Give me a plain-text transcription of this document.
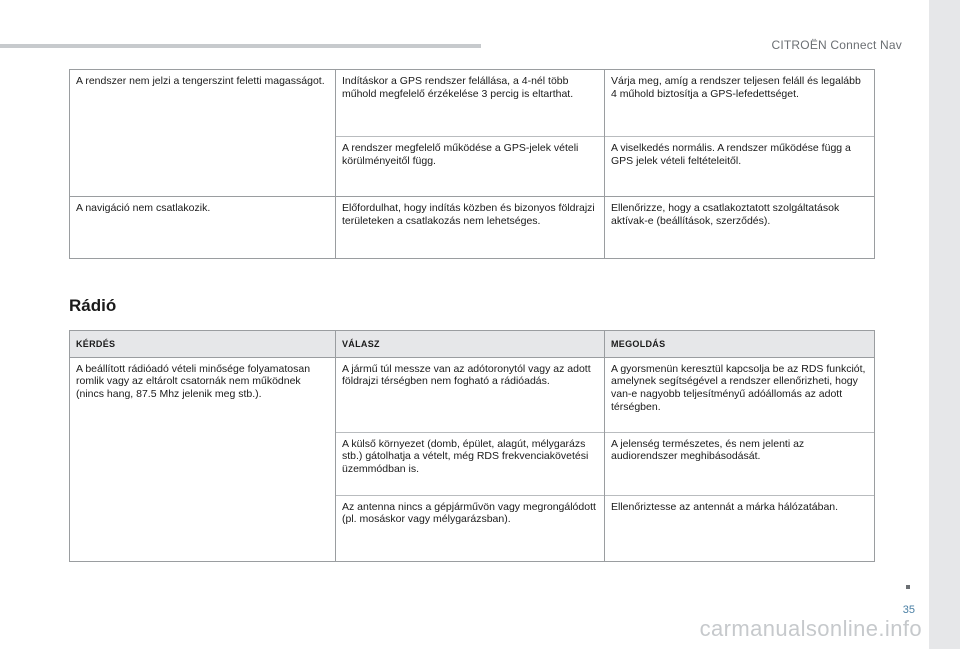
CITROËN Connect Nav
A rendszer nem jelzi a tengerszint feletti magasságot.	Indításkor a GPS rendszer felállása, a 4-nél több műhold megfelelő érzékelése 3 percig is eltarthat.	Várja meg, amíg a rendszer teljesen feláll és legalább 4 műhold biztosítja a GPS-lefedettséget.
	A rendszer megfelelő működése a GPS-jelek vételi körülményeitől függ.	A viselkedés normális. A rendszer működése függ a GPS jelek vételi feltételeitől.
A navigáció nem csatlakozik.	Előfordulhat, hogy indítás közben és bizonyos földrajzi területeken a csatlakozás nem lehetséges.	Ellenőrizze, hogy a csatlakoztatott szolgáltatások aktívak-e (beállítások, szerződés).
Rádió
KÉRDÉS	VÁLASZ	MEGOLDÁS
A beállított rádióadó vételi minősége folyamatosan romlik vagy az eltárolt csatornák nem működnek (nincs hang, 87.5 Mhz jelenik meg stb.).	A jármű túl messze van az adótoronytól vagy az adott földrajzi térségben nem fogható a rádióadás.	A gyorsmenün keresztül kapcsolja be az RDS funkciót, amelynek segítségével a rendszer ellenőrizheti, hogy van-e nagyobb teljesítményű adóállomás az adott térségben.
	A külső környezet (domb, épület, alagút, mélygarázs stb.) gátolhatja a vételt, még RDS frekvenciakövetési üzemmódban is.	A jelenség természetes, és nem jelenti az audiorendszer meghibásodását.
	Az antenna nincs a gépjárművön vagy megrongálódott (pl. mosáskor vagy mélygarázsban).	Ellenőriztesse az antennát a márka hálózatában.
35
carmanualsonline.info
